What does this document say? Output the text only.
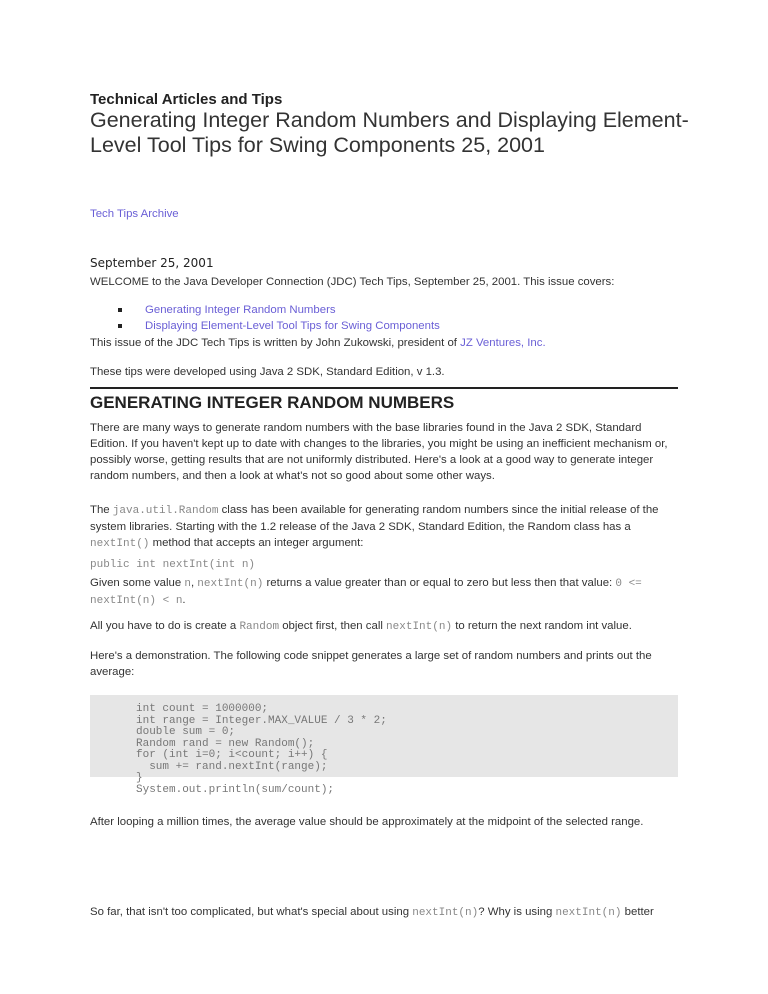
Technical Articles and Tips
Generating Integer Random Numbers and Displaying Element-Level Tool Tips for Swing Components 25, 2001
Tech Tips Archive
September 25, 2001
WELCOME to the Java Developer Connection (JDC) Tech Tips, September 25, 2001. This issue covers:
Generating Integer Random Numbers
Displaying Element-Level Tool Tips for Swing Components
This issue of the JDC Tech Tips is written by John Zukowski, president of JZ Ventures, Inc.
These tips were developed using Java 2 SDK, Standard Edition, v 1.3.
GENERATING INTEGER RANDOM NUMBERS
There are many ways to generate random numbers with the base libraries found in the Java 2 SDK, Standard Edition. If you haven't kept up to date with changes to the libraries, you might be using an inefficient mechanism or, possibly worse, getting results that are not uniformly distributed. Here's a look at a good way to generate integer random numbers, and then a look at what's not so good about some other ways.
The java.util.Random class has been available for generating random numbers since the initial release of the system libraries. Starting with the 1.2 release of the Java 2 SDK, Standard Edition, the Random class has a nextInt() method that accepts an integer argument:
public int nextInt(int n)
Given some value n, nextInt(n) returns a value greater than or equal to zero but less then that value: 0 <= nextInt(n) < n.
All you have to do is create a Random object first, then call nextInt(n) to return the next random int value.
Here's a demonstration. The following code snippet generates a large set of random numbers and prints out the average:
int count = 1000000;
int range = Integer.MAX_VALUE / 3 * 2;
double sum = 0;
Random rand = new Random();
for (int i=0; i<count; i++) {
sum += rand.nextInt(range);
}
System.out.println(sum/count);
After looping a million times, the average value should be approximately at the midpoint of the selected range.
So far, that isn't too complicated, but what's special about using nextInt(n)? Why is using nextInt(n) better
